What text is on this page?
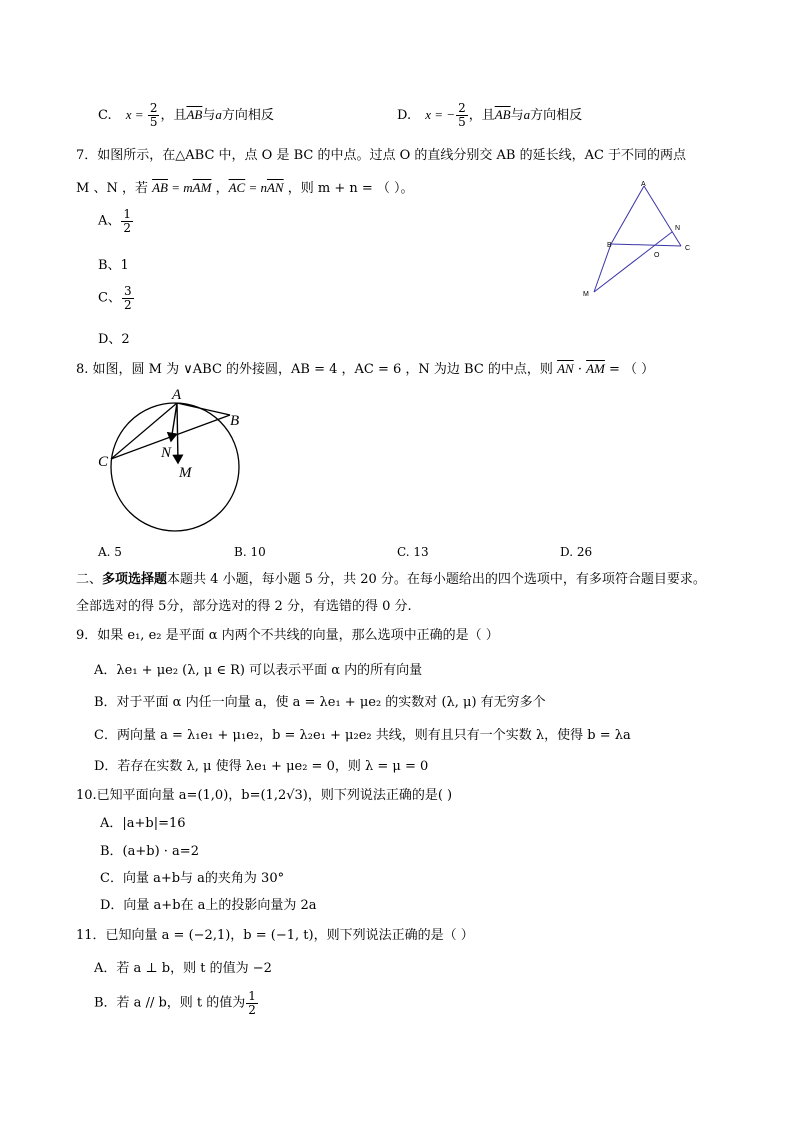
C. $x = \frac{2}{5}$ ，且$\overline{AB}$与a方向相反	D. x = − $\frac{2}{5}$ ，且$\overline{AB}$与a方向相反
7．如图所示，在△ABC 中，点 O 是 BC 的中点。过点 O 的直线分别交 AB 的延长线，AC 于不同的两点
M 、N ，若 $\overline{AB} = m\overline{AM}$ ，$\overline{AC} = n\overline{AN}$ ，则 m + n = （ ）。
A、 $\frac{1}{2}$
B、1
C、 $\frac{3}{2}$
D、2
A
B	C
N
O
M
8. 如图，圆 M 为 ∨ABC 的外接圆，AB = 4 ，AC = 6 ，N 为边 BC 的中点，则 $\overline{AN} \cdot \overline{AM}$ = （ ）
A
B
C
N
M
A. 5	B. 10	C. 13	D. 26
二、多项选择题本题共 4 小题，每小题 5 分，共 20 分。在每小题给出的四个选项中，有多项符合题目要求。
全部选对的得 5分，部分选对的得 2 分，有选错的得 0 分.
9．如果 e₁, e₂ 是平面 α 内两个不共线的向量，那么选项中正确的是（ ）
A．λe₁ + μe₂ (λ, μ ∈ R) 可以表示平面 α 内的所有向量
B．对于平面 α 内任一向量 a，使 a = λe₁ + μe₂ 的实数对 (λ, μ) 有无穷多个
C．两向量 a = λ₁e₁ + μ₁e₂，b = λ₂e₁ + μ₂e₂ 共线，则有且只有一个实数 λ，使得 b = λa
D．若存在实数 λ, μ 使得 λe₁ + μe₂ = 0，则 λ = μ = 0
10.已知平面向量 a=(1,0)，b=(1,2√3)，则下列说法正确的是( )
A．|a+b|=16
B．(a+b) · a=2
C．向量 a+b与 a的夹角为 30°
D．向量 a+b在 a上的投影向量为 2a
11．已知向量 a = (−2,1)，b = (−1, t)，则下列说法正确的是（ ）
A．若 a ⊥ b，则 t 的值为 −2
B．若 a // b，则 t 的值为 $\frac{1}{2}$
